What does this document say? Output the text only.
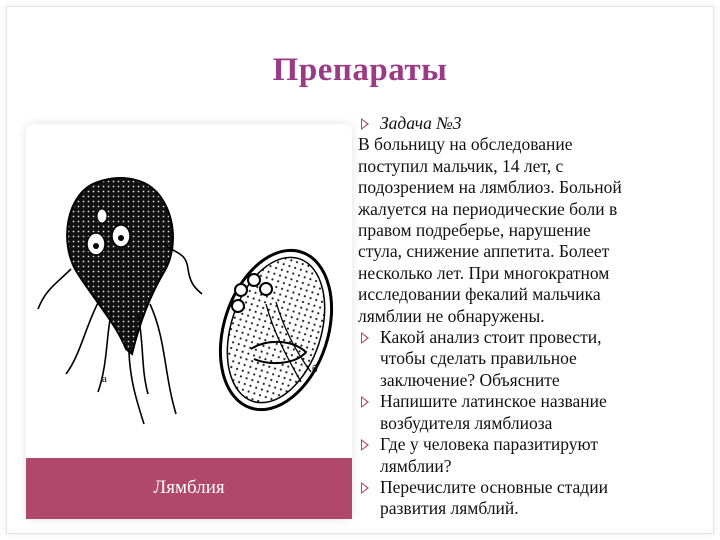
Препараты
а
б
Лямблия
Задача №3
В больницу на обследование
поступил мальчик, 14 лет, с
подозрением на лямблиоз. Больной
жалуется на периодические боли в
правом подреберье, нарушение
стула, снижение аппетита. Болеет
несколько лет. При многократном
исследовании фекалий мальчика
лямблии не обнаружены.
Какой анализ стоит провести,
чтобы сделать правильное
заключение? Объясните
Напишите латинское название
возбудителя лямблиоза
Где у человека паразитируют
лямблии?
Перечислите основные стадии
развития лямблий.
